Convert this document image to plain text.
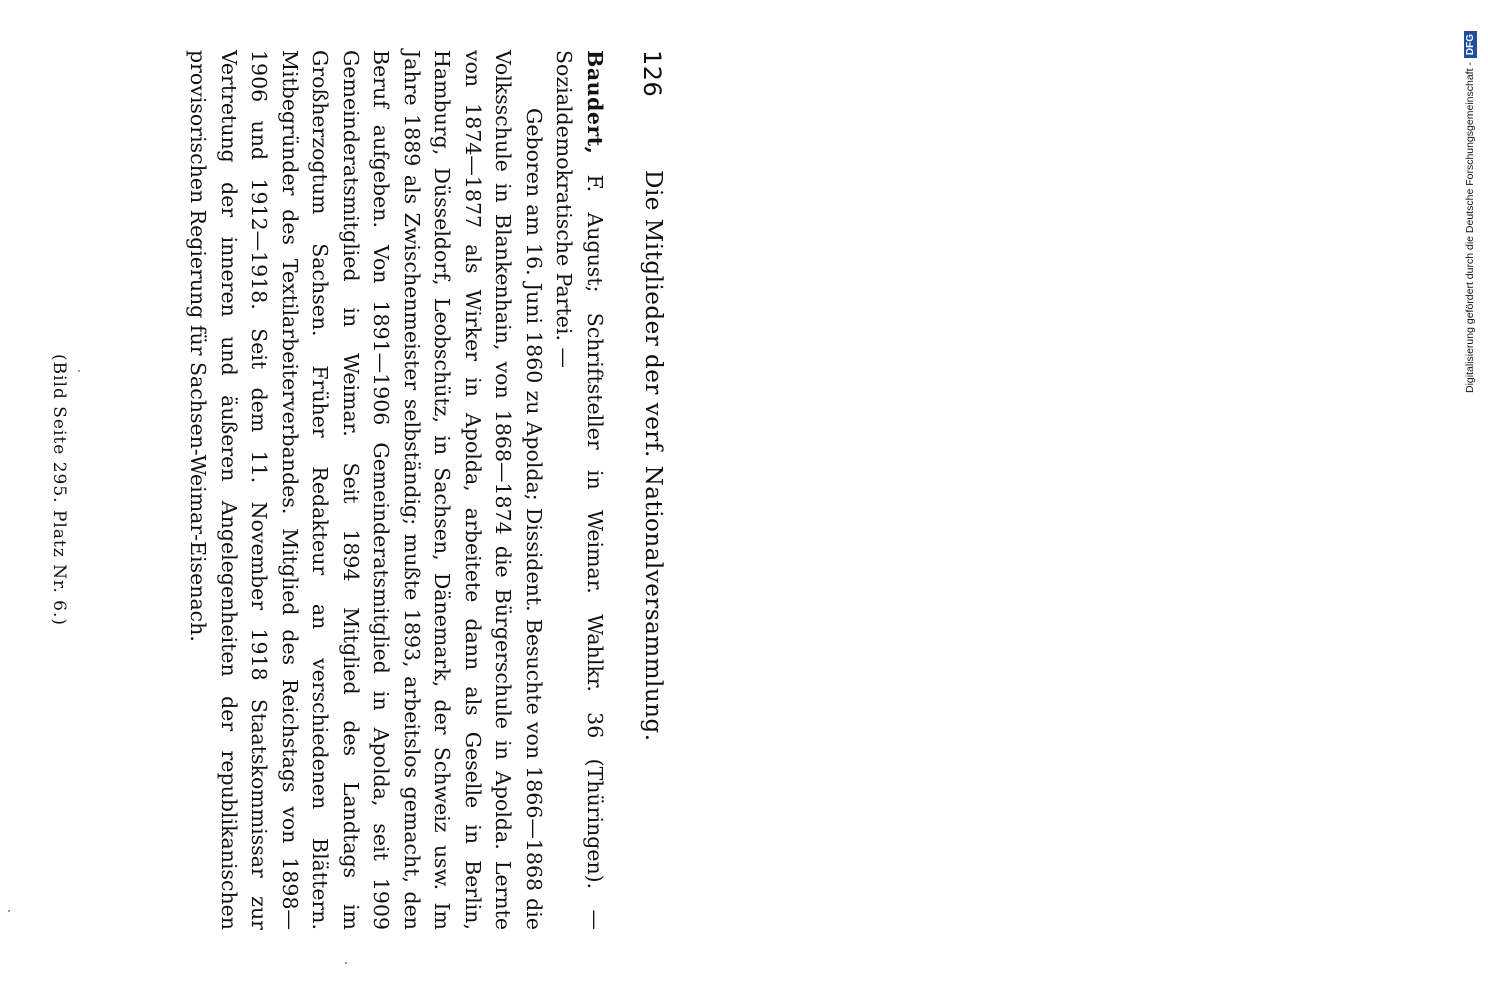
126
Die Mitglieder der verf. Nationalversammlung.

Baudert, F. August; Schriftsteller in Weimar. Wahlkr. 36 (Thüringen). — Sozialdemokratische Partei. —

Geboren am 16. Juni 1860 zu Apolda; Dissident. Besuchte von 1866—1868 die Volksschule in Blankenhain, von 1868—1874 die Bürgerschule in Apolda. Lernte von 1874—1877 als Wirker in Apolda, arbeitete dann als Geselle in Berlin, Hamburg, Düsseldorf, Leobschütz, in Sachsen, Dänemark, der Schweiz usw. Im Jahre 1889 als Zwischenmeister selbständig; mußte 1893, arbeitslos gemacht, den Beruf aufgeben. Von 1891—1906 Gemeinderatsmitglied in Apolda, seit 1909 Gemeinderatsmitglied in Weimar. Seit 1894 Mitglied des Landtags im Großherzogtum Sachsen. Früher Redakteur an verschiedenen Blättern. Mitbegründer des Textilarbeiterverbandes. Mitglied des Reichstags von 1898—1906 und 1912—1918. Seit dem 11. November 1918 Staatskommissar zur Vertretung der inneren und äußeren Angelegenheiten der republikanischen provisorischen Regierung für Sachsen-Weimar-Eisenach.

(Bild Seite 295. Platz Nr. 6.)

Digitalisierung gefördert durch die Deutsche Forschungsgemeinschaft -DFG
